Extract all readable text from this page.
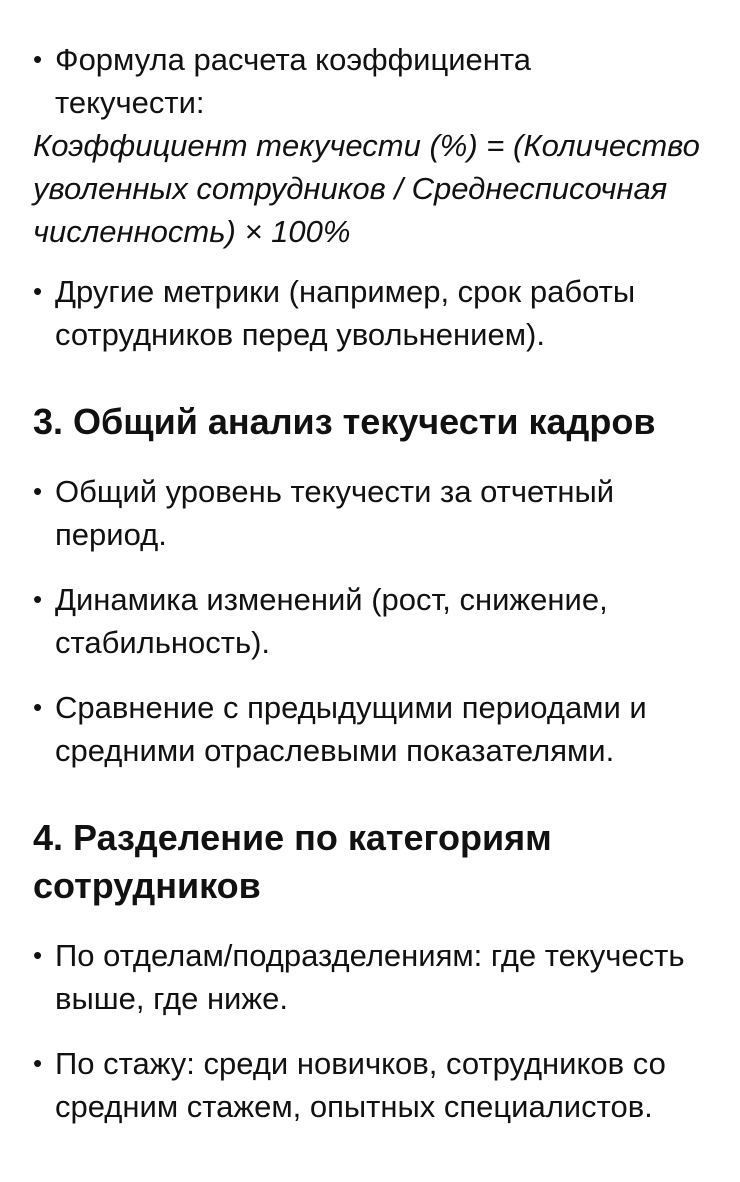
• Формула расчета коэффициента текучести:

Коэффициент текучести (%) = (Количество уволенных сотрудников / Среднесписочная численность) × 100%

• Другие метрики (например, срок работы сотрудников перед увольнением).
3. Общий анализ текучести кадров
• Общий уровень текучести за отчетный период.
• Динамика изменений (рост, снижение, стабильность).
• Сравнение с предыдущими периодами и средними отраслевыми показателями.
4. Разделение по категориям сотрудников
• По отделам/подразделениям: где текучесть выше, где ниже.
• По стажу: среди новичков, сотрудников со средним стажем, опытных специалистов.
